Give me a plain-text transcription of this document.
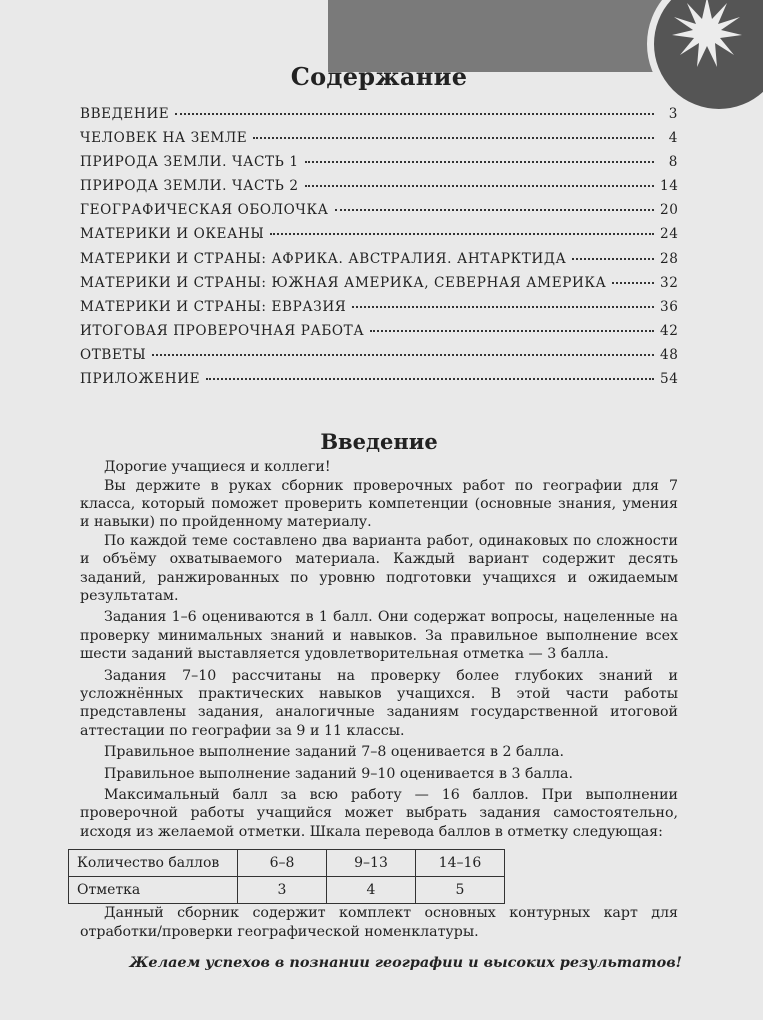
Содержание
ВВЕДЕНИЕ	3
ЧЕЛОВЕК НА ЗЕМЛЕ	4
ПРИРОДА ЗЕМЛИ. ЧАСТЬ 1	8
ПРИРОДА ЗЕМЛИ. ЧАСТЬ 2	14
ГЕОГРАФИЧЕСКАЯ ОБОЛОЧКА	20
МАТЕРИКИ И ОКЕАНЫ	24
МАТЕРИКИ И СТРАНЫ: АФРИКА. АВСТРАЛИЯ. АНТАРКТИДА	28
МАТЕРИКИ И СТРАНЫ: ЮЖНАЯ АМЕРИКА, СЕВЕРНАЯ АМЕРИКА	32
МАТЕРИКИ И СТРАНЫ: ЕВРАЗИЯ	36
ИТОГОВАЯ ПРОВЕРОЧНАЯ РАБОТА	42
ОТВЕТЫ	48
ПРИЛОЖЕНИЕ	54
Введение

Дорогие учащиеся и коллеги!

Вы держите в руках сборник проверочных работ по географии для 7 класса, который поможет проверить компетенции (основные знания, умения и навыки) по пройденному материалу.

По каждой теме составлено два варианта работ, одинаковых по сложности и объёму охватываемого материала. Каждый вариант содержит десять заданий, ранжированных по уровню подготовки учащихся и ожидаемым результатам.

Задания 1–6 оцениваются в 1 балл. Они содержат вопросы, нацеленные на проверку минимальных знаний и навыков. За правильное выполнение всех шести заданий выставляется удовлетворительная отметка — 3 балла.

Задания 7–10 рассчитаны на проверку более глубоких знаний и усложнённых практических навыков учащихся. В этой части работы представлены задания, аналогичные заданиям государственной итоговой аттестации по географии за 9 и 11 классы.

Правильное выполнение заданий 7–8 оценивается в 2 балла.

Правильное выполнение заданий 9–10 оценивается в 3 балла.

Максимальный балл за всю работу — 16 баллов. При выполнении проверочной работы учащийся может выбрать задания самостоятельно, исходя из желаемой отметки. Шкала перевода баллов в отметку следующая:

Количество баллов	6–8	9–13	14–16
Отметка	3	4	5

Данный сборник содержит комплект основных контурных карт для отработки/проверки географической номенклатуры.

Желаем успехов в познании географии и высоких результатов!
